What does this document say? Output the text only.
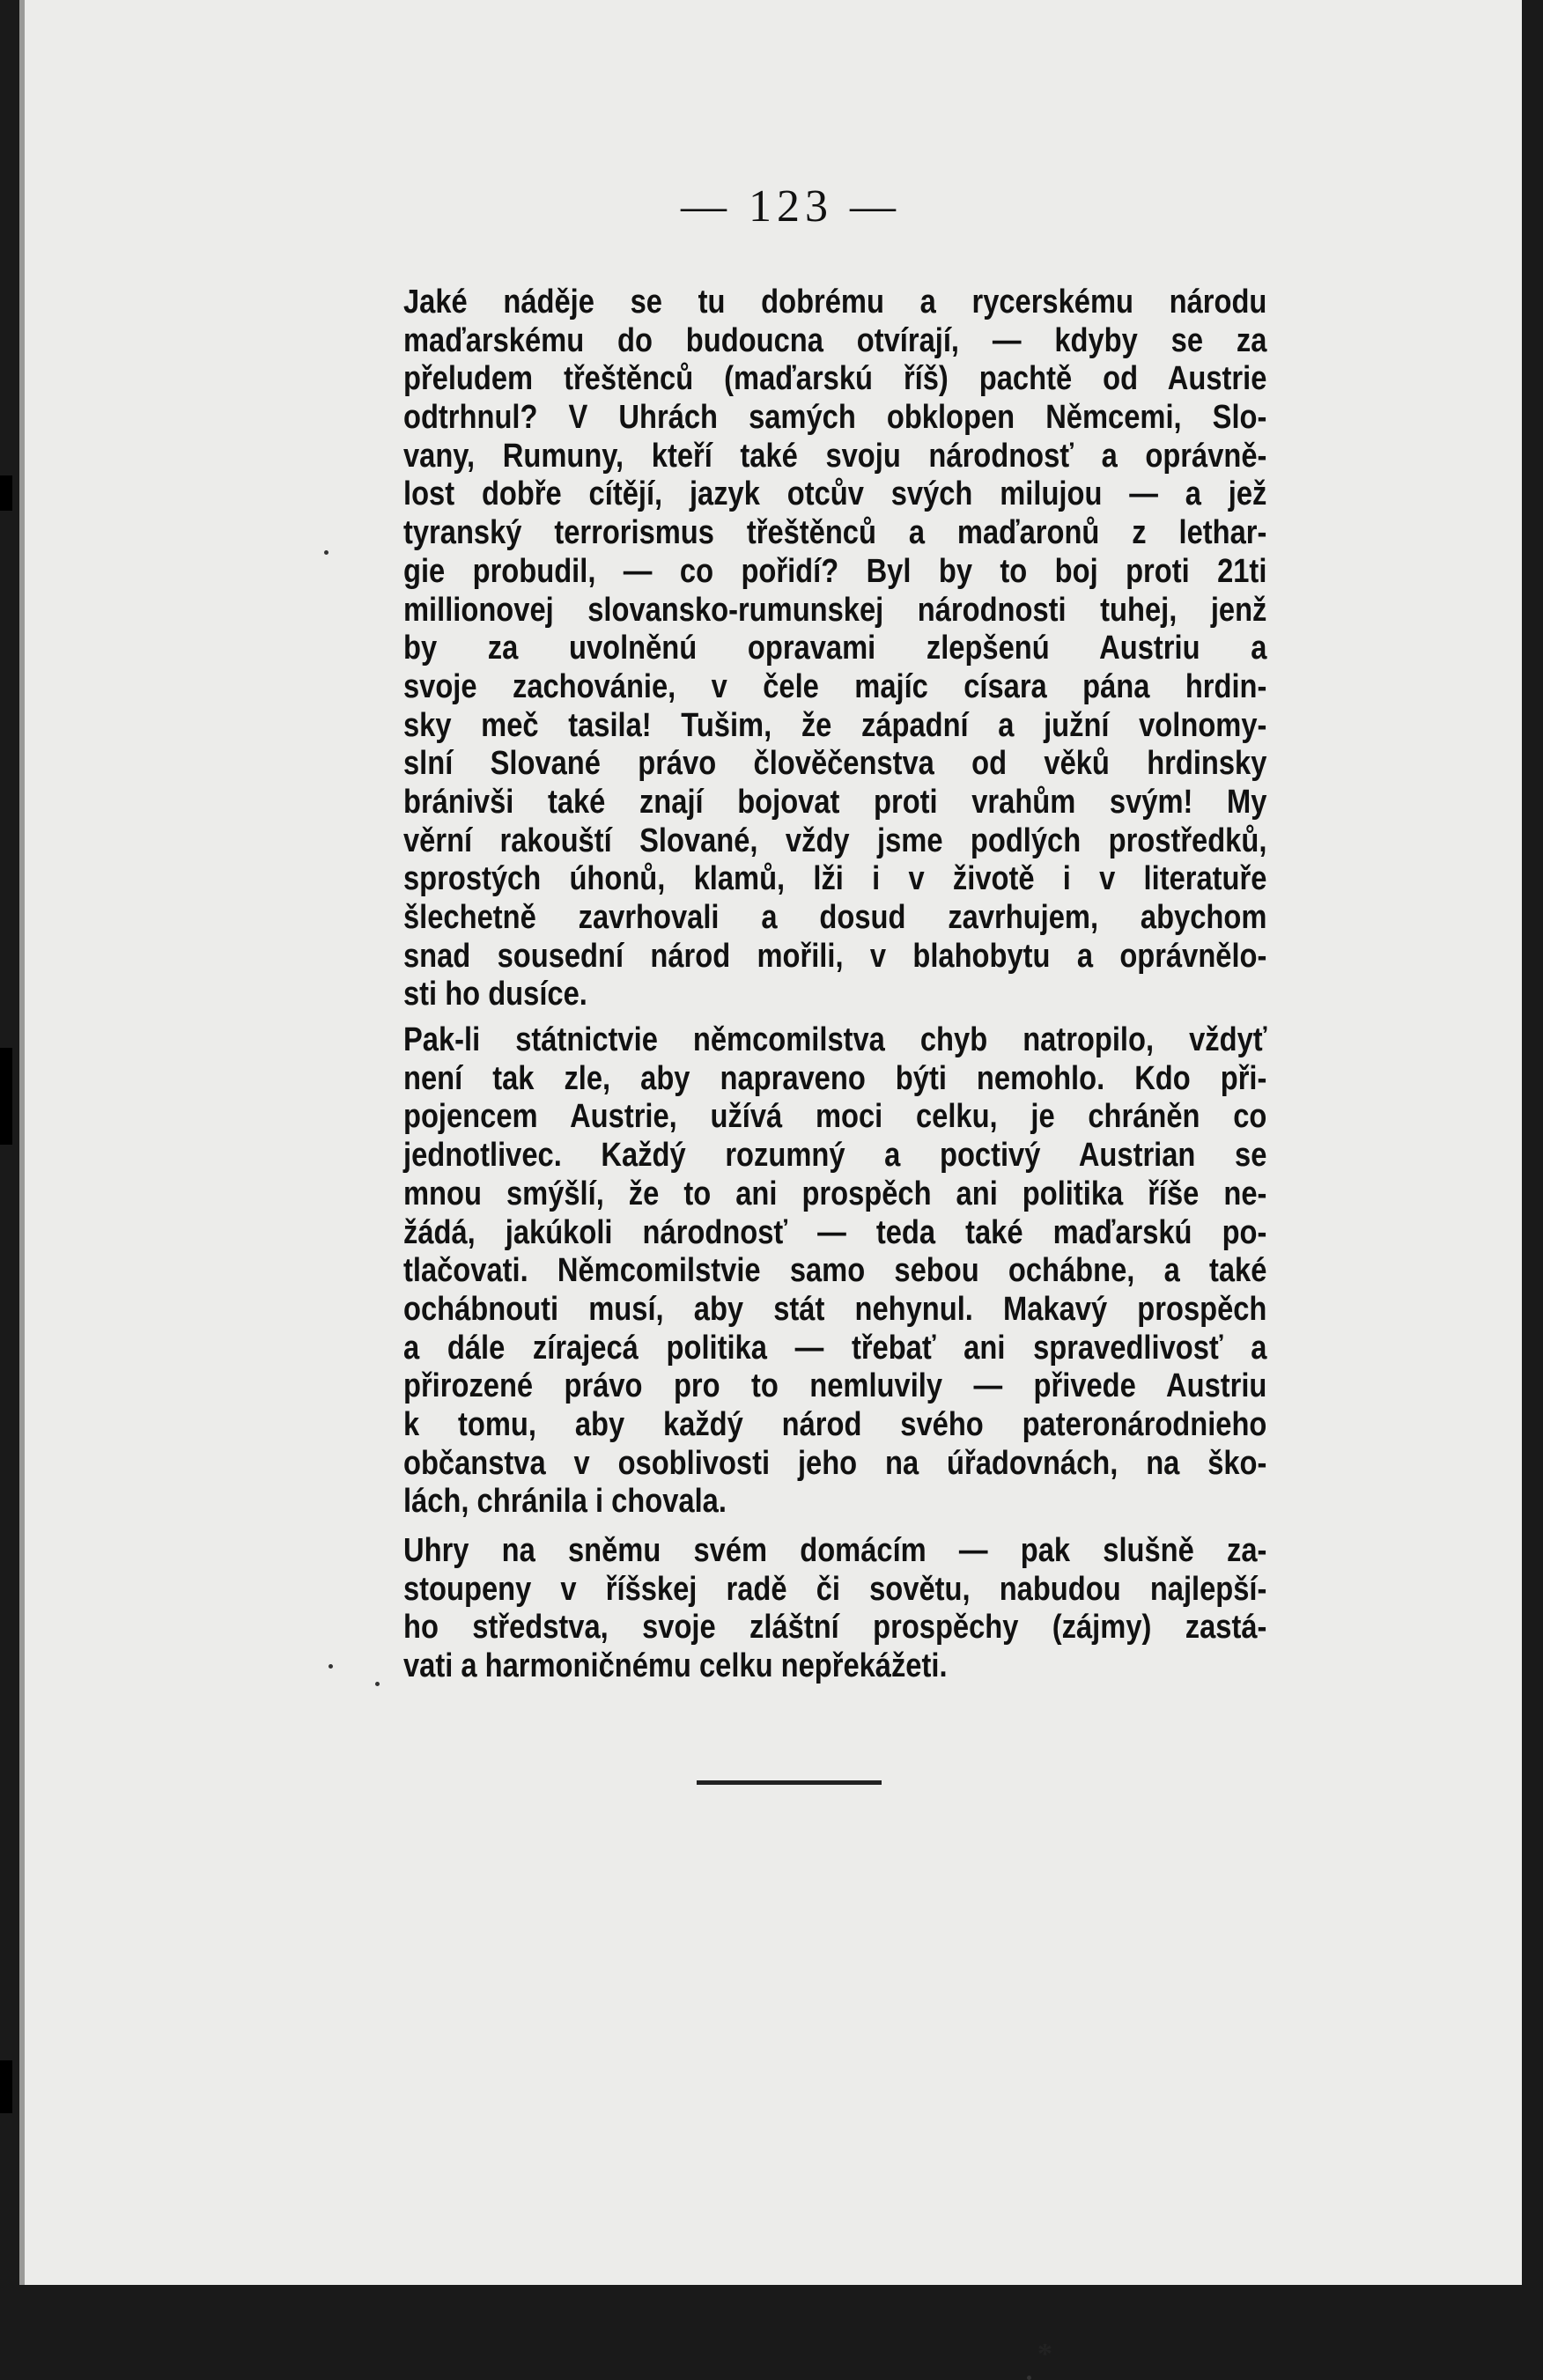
— 123 —
Jaké náděje se tu dobrému a rycerskému národu
maďarskému do budoucna otvírají, — kdyby se za
přeludem třeštěnců (maďarskú říš) pachtě od Austrie
odtrhnul? V Uhrách samých obklopen Němcemi, Slo-
vany, Rumuny, kteří také svoju národnosť a oprávně-
lost dobře cítějí, jazyk otcův svých milujou — a jež
tyranský terrorismus třeštěnců a maďaronů z lethar-
gie probudil, — co pořidí? Byl by to boj proti 21ti
millionovej slovansko-rumunskej národnosti tuhej, jenž
by za uvolněnú opravami zlepšenú Austriu a
svoje zachovánie, v čele majíc císara pána hrdin-
sky meč tasila! Tušim, že západní a južní volnomy-
slní Slované právo človĕčenstva od věků hrdinsky
bránivši také znají bojovat proti vrahům svým! My
věrní rakouští Slované, vždy jsme podlých prostředků,
sprostých úhonů, klamů, lži i v životě i v literatuře
šlechetně zavrhovali a dosud zavrhujem, abychom
snad sousední národ mořili, v blahobytu a oprávnělo-
sti ho dusíce.
Pak-li státnictvie němcomilstva chyb natropilo, vždyť
není tak zle, aby napraveno býti nemohlo. Kdo při-
pojencem Austrie, užívá moci celku, je chráněn co
jednotlivec. Každý rozumný a poctivý Austrian se
mnou smýšlí, že to ani prospěch ani politika říše ne-
žádá, jakúkoli národnosť — teda také maďarskú po-
tlačovati. Němcomilstvie samo sebou ochábne, a také
ochábnouti musí, aby stát nehynul. Makavý prospěch
a dále zírajecá politika — třebať ani spravedlivosť a
přirozené právo pro to nemluvily — přivede Austriu
k tomu, aby každý národ svého pateronárodnieho
občanstva v osoblivosti jeho na úřadovnách, na ško-
lách, chránila i chovala.
Uhry na sněmu svém domácím — pak slušně za-
stoupeny v říšskej radě či sovětu, nabudou najlepší-
ho středstva, svoje zláštní prospěchy (zájmy) zastá-
vati a harmoničnému celku nepřekážeti.
*
